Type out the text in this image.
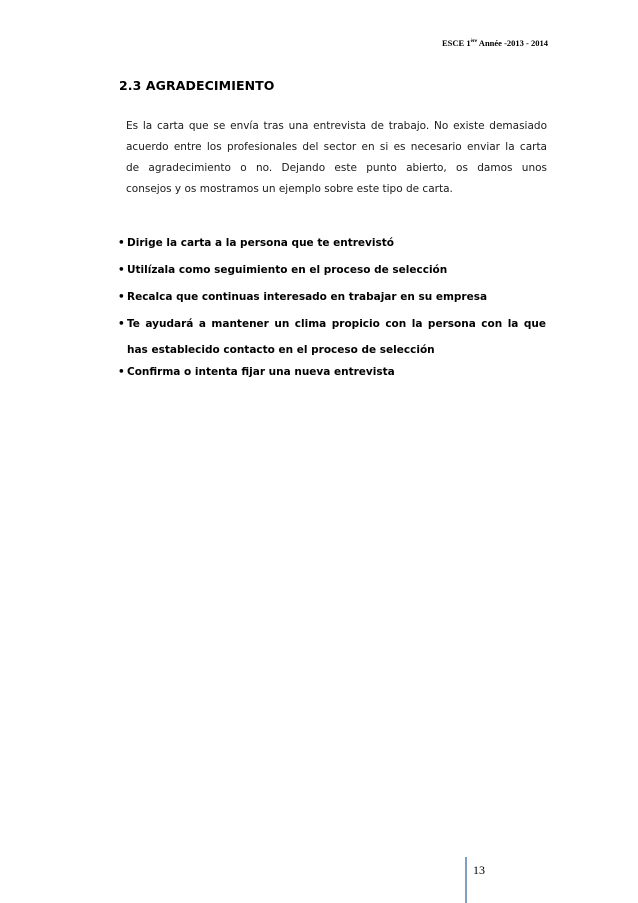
ESCE 1ère Année -2013 - 2014
2.3 AGRADECIMIENTO
Es la carta que se envía tras una entrevista de trabajo. No existe demasiado
acuerdo entre los profesionales del sector en si es necesario enviar la carta
de agradecimiento o no. Dejando este punto abierto, os damos unos
consejos y os mostramos un ejemplo sobre este tipo de carta.
• Dirige la carta a la persona que te entrevistó
• Utilízala como seguimiento en el proceso de selección
• Recalca que continuas interesado en trabajar en su empresa
• Te ayudará a mantener un clima propicio con la persona con la que
has establecido contacto en el proceso de selección
• Confirma o intenta fijar una nueva entrevista
13
